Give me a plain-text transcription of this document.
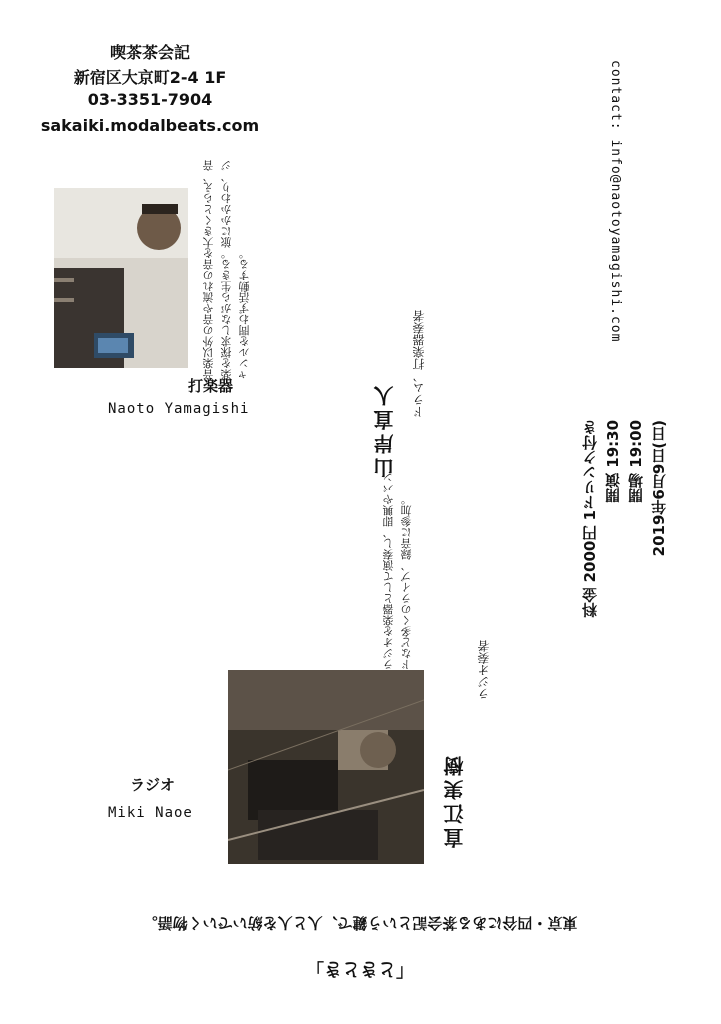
喫茶茶会記
新宿区大京町2-4 1F
03-3351-7904
sakaiki.modalbeats.com	contact: info@naotoyamagishi.com
2019年6月9日(日)
開場 19:00
開演 19:30
料金 2000円 1ドリンク付き
打楽器
Naoto Yamagishi	山岸直人
ドラム、打楽器奏者
音楽以外の音や流れの音を大きくとらえ、音楽を探求しながら生きる。旅にかかわり、ジャンルを問わず活動する。
ラジオ
Miki Naoe	直江実樹
ラジオ奏者
ラジオを楽器として演奏し、即興やバンドなど多くのライブ、録音に参加。
東京・四谷にある茶会記という鍵で、人と人を紡いでいく物語。
「ときとき」
